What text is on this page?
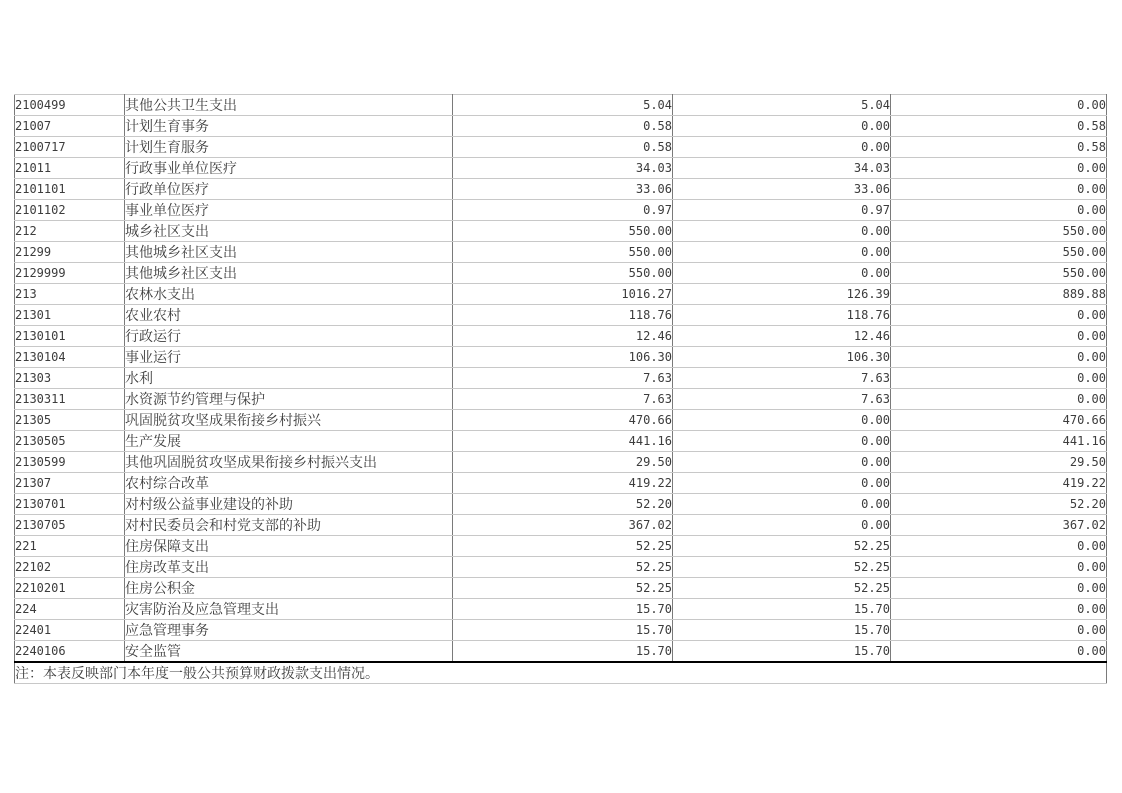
2100499	其他公共卫生支出	5.04	5.04	0.00
21007	计划生育事务	0.58	0.00	0.58
2100717	计划生育服务	0.58	0.00	0.58
21011	行政事业单位医疗	34.03	34.03	0.00
2101101	行政单位医疗	33.06	33.06	0.00
2101102	事业单位医疗	0.97	0.97	0.00
212	城乡社区支出	550.00	0.00	550.00
21299	其他城乡社区支出	550.00	0.00	550.00
2129999	其他城乡社区支出	550.00	0.00	550.00
213	农林水支出	1016.27	126.39	889.88
21301	农业农村	118.76	118.76	0.00
2130101	行政运行	12.46	12.46	0.00
2130104	事业运行	106.30	106.30	0.00
21303	水利	7.63	7.63	0.00
2130311	水资源节约管理与保护	7.63	7.63	0.00
21305	巩固脱贫攻坚成果衔接乡村振兴	470.66	0.00	470.66
2130505	生产发展	441.16	0.00	441.16
2130599	其他巩固脱贫攻坚成果衔接乡村振兴支出	29.50	0.00	29.50
21307	农村综合改革	419.22	0.00	419.22
2130701	对村级公益事业建设的补助	52.20	0.00	52.20
2130705	对村民委员会和村党支部的补助	367.02	0.00	367.02
221	住房保障支出	52.25	52.25	0.00
22102	住房改革支出	52.25	52.25	0.00
2210201	住房公积金	52.25	52.25	0.00
224	灾害防治及应急管理支出	15.70	15.70	0.00
22401	应急管理事务	15.70	15.70	0.00
2240106	安全监管	15.70	15.70	0.00
注：本表反映部门本年度一般公共预算财政拨款支出情况。				
